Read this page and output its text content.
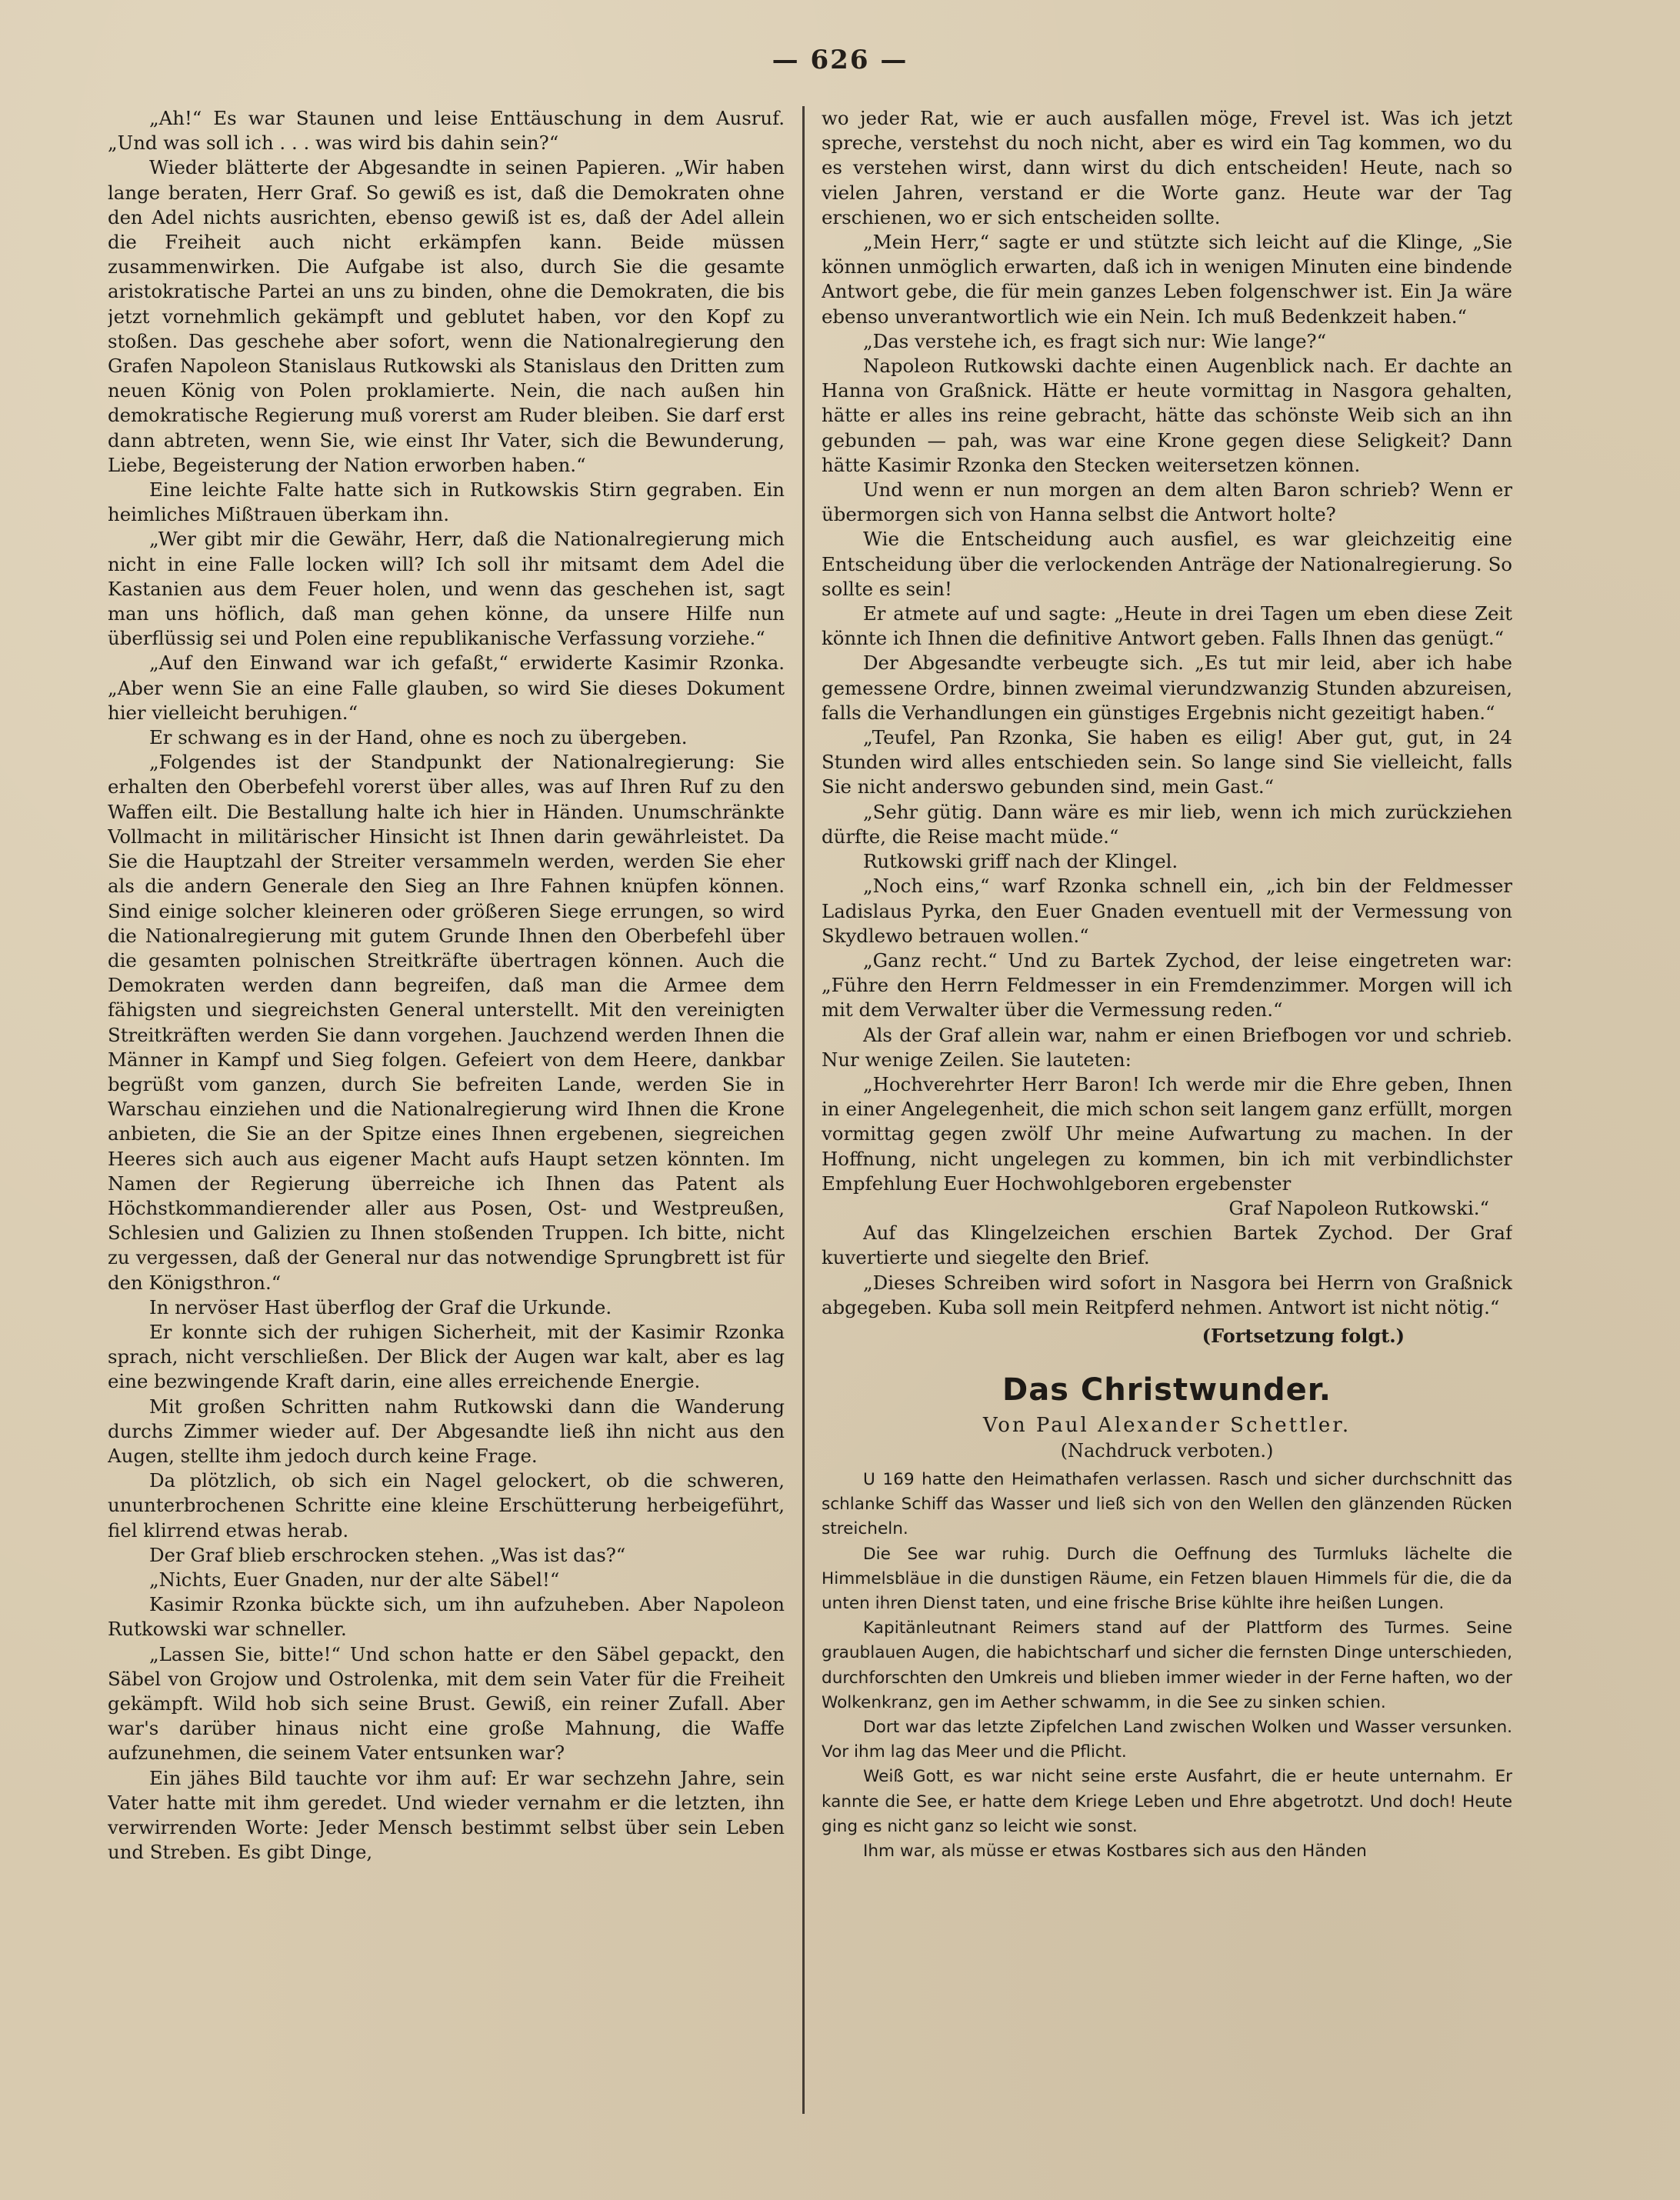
— 626 —

„Ah!“ Es war Staunen und leise Enttäuschung in dem Ausruf. „Und was soll ich . . . was wird bis dahin sein?“

Wieder blätterte der Abgesandte in seinen Papieren. „Wir haben lange beraten, Herr Graf. So gewiß es ist, daß die Demokraten ohne den Adel nichts ausrichten, ebenso gewiß ist es, daß der Adel allein die Freiheit auch nicht erkämpfen kann. Beide müssen zusammenwirken. Die Aufgabe ist also, durch Sie die gesamte aristokratische Partei an uns zu binden, ohne die Demokraten, die bis jetzt vornehmlich gekämpft und geblutet haben, vor den Kopf zu stoßen. Das geschehe aber sofort, wenn die Nationalregierung den Grafen Napoleon Stanislaus Rutkowski als Stanislaus den Dritten zum neuen König von Polen proklamierte. Nein, die nach außen hin demokratische Regierung muß vorerst am Ruder bleiben. Sie darf erst dann abtreten, wenn Sie, wie einst Ihr Vater, sich die Bewunderung, Liebe, Begeisterung der Nation erworben haben.“

Eine leichte Falte hatte sich in Rutkowskis Stirn gegraben. Ein heimliches Mißtrauen überkam ihn.

„Wer gibt mir die Gewähr, Herr, daß die Nationalregierung mich nicht in eine Falle locken will? Ich soll ihr mitsamt dem Adel die Kastanien aus dem Feuer holen, und wenn das geschehen ist, sagt man uns höflich, daß man gehen könne, da unsere Hilfe nun überflüssig sei und Polen eine republikanische Verfassung vorziehe.“

„Auf den Einwand war ich gefaßt,“ erwiderte Kasimir Rzonka. „Aber wenn Sie an eine Falle glauben, so wird Sie dieses Dokument hier vielleicht beruhigen.“

Er schwang es in der Hand, ohne es noch zu übergeben.

„Folgendes ist der Standpunkt der Nationalregierung: Sie erhalten den Oberbefehl vorerst über alles, was auf Ihren Ruf zu den Waffen eilt. Die Bestallung halte ich hier in Händen. Unumschränkte Vollmacht in militärischer Hinsicht ist Ihnen darin gewährleistet. Da Sie die Hauptzahl der Streiter versammeln werden, werden Sie eher als die andern Generale den Sieg an Ihre Fahnen knüpfen können. Sind einige solcher kleineren oder größeren Siege errungen, so wird die Nationalregierung mit gutem Grunde Ihnen den Oberbefehl über die gesamten polnischen Streitkräfte übertragen können. Auch die Demokraten werden dann begreifen, daß man die Armee dem fähigsten und siegreichsten General unterstellt. Mit den vereinigten Streitkräften werden Sie dann vorgehen. Jauchzend werden Ihnen die Männer in Kampf und Sieg folgen. Gefeiert von dem Heere, dankbar begrüßt vom ganzen, durch Sie befreiten Lande, werden Sie in Warschau einziehen und die Nationalregierung wird Ihnen die Krone anbieten, die Sie an der Spitze eines Ihnen ergebenen, siegreichen Heeres sich auch aus eigener Macht aufs Haupt setzen könnten. Im Namen der Regierung überreiche ich Ihnen das Patent als Höchstkommandierender aller aus Posen, Ost- und Westpreußen, Schlesien und Galizien zu Ihnen stoßenden Truppen. Ich bitte, nicht zu vergessen, daß der General nur das notwendige Sprungbrett ist für den Königsthron.“

In nervöser Hast überflog der Graf die Urkunde.

Er konnte sich der ruhigen Sicherheit, mit der Kasimir Rzonka sprach, nicht verschließen. Der Blick der Augen war kalt, aber es lag eine bezwingende Kraft darin, eine alles erreichende Energie.

Mit großen Schritten nahm Rutkowski dann die Wanderung durchs Zimmer wieder auf. Der Abgesandte ließ ihn nicht aus den Augen, stellte ihm jedoch durch keine Frage.

Da plötzlich, ob sich ein Nagel gelockert, ob die schweren, ununterbrochenen Schritte eine kleine Erschütterung herbeigeführt, fiel klirrend etwas herab.

Der Graf blieb erschrocken stehen. „Was ist das?“

„Nichts, Euer Gnaden, nur der alte Säbel!“

Kasimir Rzonka bückte sich, um ihn aufzuheben. Aber Napoleon Rutkowski war schneller.

„Lassen Sie, bitte!“ Und schon hatte er den Säbel gepackt, den Säbel von Grojow und Ostrolenka, mit dem sein Vater für die Freiheit gekämpft. Wild hob sich seine Brust. Gewiß, ein reiner Zufall. Aber war's darüber hinaus nicht eine große Mahnung, die Waffe aufzunehmen, die seinem Vater entsunken war?

Ein jähes Bild tauchte vor ihm auf: Er war sechzehn Jahre, sein Vater hatte mit ihm geredet. Und wieder vernahm er die letzten, ihn verwirrenden Worte: Jeder Mensch bestimmt selbst über sein Leben und Streben. Es gibt Dinge,

wo jeder Rat, wie er auch ausfallen möge, Frevel ist. Was ich jetzt spreche, verstehst du noch nicht, aber es wird ein Tag kommen, wo du es verstehen wirst, dann wirst du dich entscheiden! Heute, nach so vielen Jahren, verstand er die Worte ganz. Heute war der Tag erschienen, wo er sich entscheiden sollte.

„Mein Herr,“ sagte er und stützte sich leicht auf die Klinge, „Sie können unmöglich erwarten, daß ich in wenigen Minuten eine bindende Antwort gebe, die für mein ganzes Leben folgenschwer ist. Ein Ja wäre ebenso unverantwortlich wie ein Nein. Ich muß Bedenkzeit haben.“

„Das verstehe ich, es fragt sich nur: Wie lange?“

Napoleon Rutkowski dachte einen Augenblick nach. Er dachte an Hanna von Graßnick. Hätte er heute vormittag in Nasgora gehalten, hätte er alles ins reine gebracht, hätte das schönste Weib sich an ihn gebunden — pah, was war eine Krone gegen diese Seligkeit? Dann hätte Kasimir Rzonka den Stecken weitersetzen können.

Und wenn er nun morgen an dem alten Baron schrieb? Wenn er übermorgen sich von Hanna selbst die Antwort holte?

Wie die Entscheidung auch ausfiel, es war gleichzeitig eine Entscheidung über die verlockenden Anträge der Nationalregierung. So sollte es sein!

Er atmete auf und sagte: „Heute in drei Tagen um eben diese Zeit könnte ich Ihnen die definitive Antwort geben. Falls Ihnen das genügt.“

Der Abgesandte verbeugte sich. „Es tut mir leid, aber ich habe gemessene Ordre, binnen zweimal vierundzwanzig Stunden abzureisen, falls die Verhandlungen ein günstiges Ergebnis nicht gezeitigt haben.“

„Teufel, Pan Rzonka, Sie haben es eilig! Aber gut, gut, in 24 Stunden wird alles entschieden sein. So lange sind Sie vielleicht, falls Sie nicht anderswo gebunden sind, mein Gast.“

„Sehr gütig. Dann wäre es mir lieb, wenn ich mich zurückziehen dürfte, die Reise macht müde.“

Rutkowski griff nach der Klingel.

„Noch eins,“ warf Rzonka schnell ein, „ich bin der Feldmesser Ladislaus Pyrka, den Euer Gnaden eventuell mit der Vermessung von Skydlewo betrauen wollen.“

„Ganz recht.“ Und zu Bartek Zychod, der leise eingetreten war: „Führe den Herrn Feldmesser in ein Fremdenzimmer. Morgen will ich mit dem Verwalter über die Vermessung reden.“

Als der Graf allein war, nahm er einen Briefbogen vor und schrieb. Nur wenige Zeilen. Sie lauteten:

„Hochverehrter Herr Baron! Ich werde mir die Ehre geben, Ihnen in einer Angelegenheit, die mich schon seit langem ganz erfüllt, morgen vormittag gegen zwölf Uhr meine Aufwartung zu machen. In der Hoffnung, nicht ungelegen zu kommen, bin ich mit verbindlichster Empfehlung Euer Hochwohlgeboren ergebenster

Graf Napoleon Rutkowski.“

Auf das Klingelzeichen erschien Bartek Zychod. Der Graf kuvertierte und siegelte den Brief.

„Dieses Schreiben wird sofort in Nasgora bei Herrn von Graßnick abgegeben. Kuba soll mein Reitpferd nehmen. Antwort ist nicht nötig.“

(Fortsetzung folgt.)
Das Christwunder.
Von Paul Alexander Schettler.
(Nachdruck verboten.)

U 169 hatte den Heimathafen verlassen. Rasch und sicher durchschnitt das schlanke Schiff das Wasser und ließ sich von den Wellen den glänzenden Rücken streicheln.

Die See war ruhig. Durch die Oeffnung des Turmluks lächelte die Himmelsbläue in die dunstigen Räume, ein Fetzen blauen Himmels für die, die da unten ihren Dienst taten, und eine frische Brise kühlte ihre heißen Lungen.

Kapitänleutnant Reimers stand auf der Plattform des Turmes. Seine graublauen Augen, die habichtscharf und sicher die fernsten Dinge unterschieden, durchforschten den Umkreis und blieben immer wieder in der Ferne haften, wo der Wolkenkranz, gen im Aether schwamm, in die See zu sinken schien.

Dort war das letzte Zipfelchen Land zwischen Wolken und Wasser versunken. Vor ihm lag das Meer und die Pflicht.

Weiß Gott, es war nicht seine erste Ausfahrt, die er heute unternahm. Er kannte die See, er hatte dem Kriege Leben und Ehre abgetrotzt. Und doch! Heute ging es nicht ganz so leicht wie sonst.

Ihm war, als müsse er etwas Kostbares sich aus den Händen
